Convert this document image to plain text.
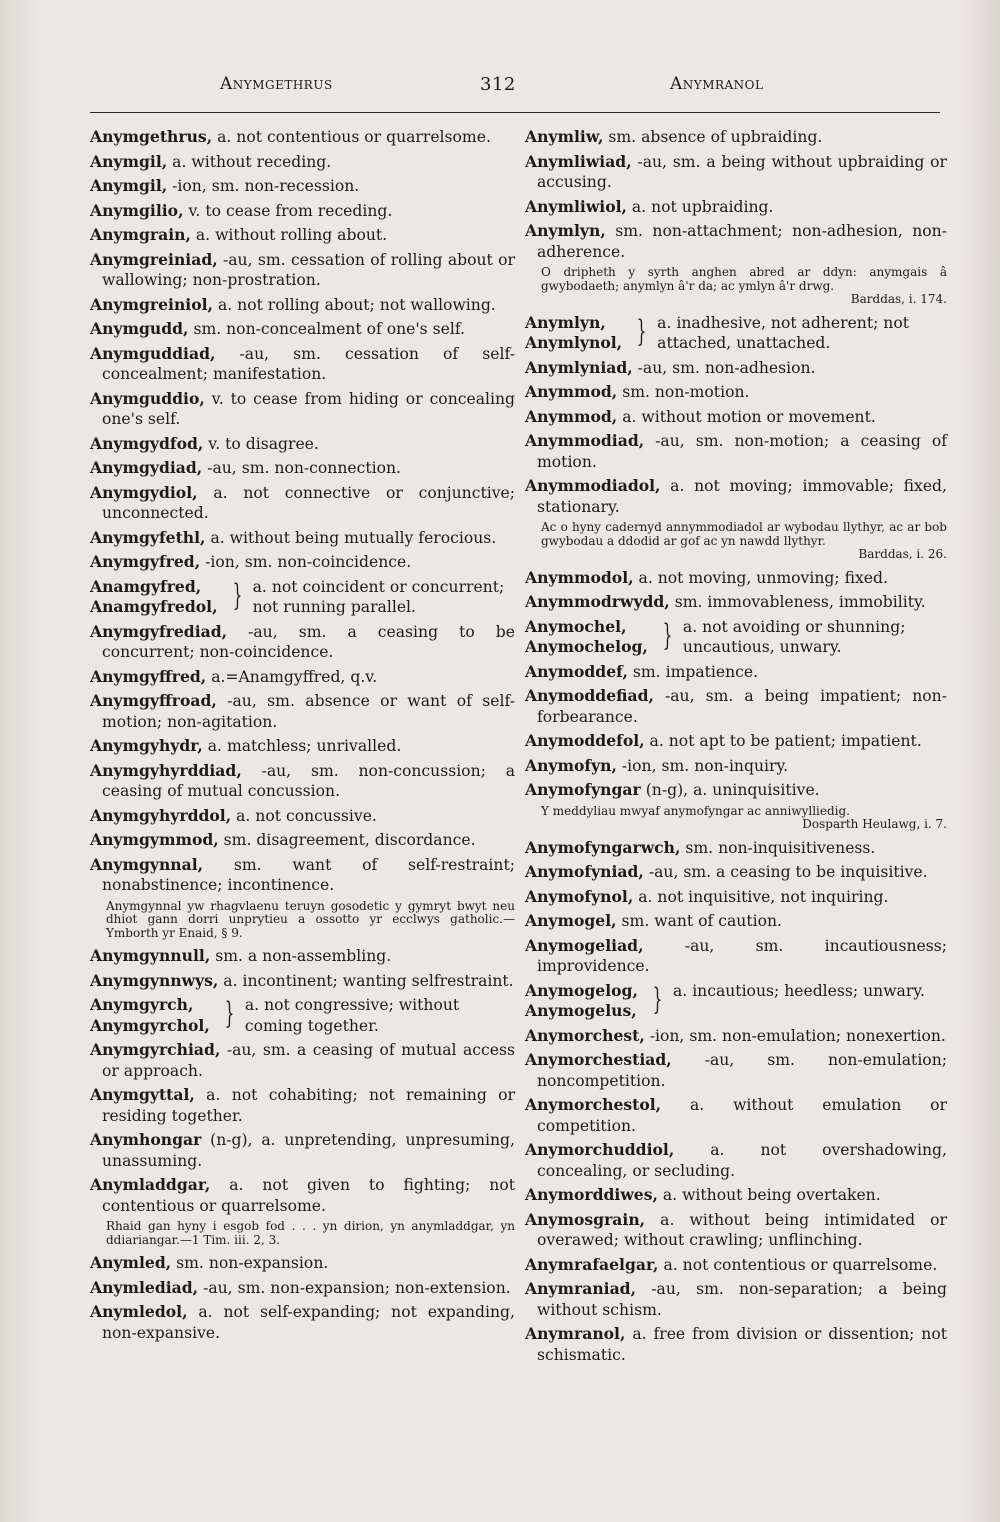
Anymgethrus	312	Anymranol
Anymgethrus, a. not contentious or quarrelsome.
Anymgil, a. without receding.
Anymgil, -ion, sm. non-recession.
Anymgilio, v. to cease from receding.
Anymgrain, a. without rolling about.
Anymgreiniad, -au, sm. cessation of rolling about or wallowing; non-prostration.
Anymgreiniol, a. not rolling about; not wallowing.
Anymgudd, sm. non-concealment of one's self.
Anymguddiad, -au, sm. cessation of self-concealment; manifestation.
Anymguddio, v. to cease from hiding or concealing one's self.
Anymgydfod, v. to disagree.
Anymgydiad, -au, sm. non-connection.
Anymgydiol, a. not connective or conjunctive; unconnected.
Anymgyfethl, a. without being mutually ferocious.
Anymgyfred, -ion, sm. non-coincidence.
Anamgyfred,
Anamgyfredol, } a. not coincident or concurrent; not running parallel.
Anymgyfrediad, -au, sm. a ceasing to be concurrent; non-coincidence.
Anymgyffred, a.=Anamgyffred, q.v.
Anymgyffroad, -au, sm. absence or want of self-motion; non-agitation.
Anymgyhydr, a. matchless; unrivalled.
Anymgyhyrddiad, -au, sm. non-concussion; a ceasing of mutual concussion.
Anymgyhyrddol, a. not concussive.
Anymgymmod, sm. disagreement, discordance.
Anymgynnal, sm. want of self-restraint; nonabstinence; incontinence.
Anymgynnal yw rhagvlaenu teruyn gosodetic y gymryt bwyt neu dhiot gann dorri unprytieu a ossotto yr ecclwys gatholic.—Ymborth yr Enaid, § 9.
Anymgynnull, sm. a non-assembling.
Anymgynnwys, a. incontinent; wanting selfrestraint.
Anymgyrch,
Anymgyrchol, } a. not congressive; without coming together.
Anymgyrchiad, -au, sm. a ceasing of mutual access or approach.
Anymgyttal, a. not cohabiting; not remaining or residing together.
Anymhongar (n-g), a. unpretending, unpresuming, unassuming.
Anymladdgar, a. not given to fighting; not contentious or quarrelsome.
Rhaid gan hyny i esgob fod . . . yn dirion, yn anymladdgar, yn ddiariangar.—1 Tim. iii. 2, 3.
Anymled, sm. non-expansion.
Anymlediad, -au, sm. non-expansion; non-extension.
Anymledol, a. not self-expanding; not expanding, non-expansive.
Anymliw, sm. absence of upbraiding.
Anymliwiad, -au, sm. a being without upbraiding or accusing.
Anymliwiol, a. not upbraiding.
Anymlyn, sm. non-attachment; non-adhesion, non-adherence.
O dripheth y syrth anghen abred ar ddyn: anymgais â gwybodaeth; anymlyn â'r da; ac ymlyn â'r drwg.
Barddas, i. 174.
Anymlyn,
Anymlynol, } a. inadhesive, not adherent; not attached, unattached.
Anymlyniad, -au, sm. non-adhesion.
Anymmod, sm. non-motion.
Anymmod, a. without motion or movement.
Anymmodiad, -au, sm. non-motion; a ceasing of motion.
Anymmodiadol, a. not moving; immovable; fixed, stationary.
Ac o hyny cadernyd annymmodiadol ar wybodau llythyr, ac ar bob gwybodau a ddodid ar gof ac yn nawdd llythyr.
Barddas, i. 26.
Anymmodol, a. not moving, unmoving; fixed.
Anymmodrwydd, sm. immovableness, immobility.
Anymochel,
Anymochelog, } a. not avoiding or shunning; uncautious, unwary.
Anymoddef, sm. impatience.
Anymoddefiad, -au, sm. a being impatient; non-forbearance.
Anymoddefol, a. not apt to be patient; impatient.
Anymofyn, -ion, sm. non-inquiry.
Anymofyngar (n-g), a. uninquisitive.
Y meddyliau mwyaf anymofyngar ac anniwylliedig.
Dosparth Heulawg, i. 7.
Anymofyngarwch, sm. non-inquisitiveness.
Anymofyniad, -au, sm. a ceasing to be inquisitive.
Anymofynol, a. not inquisitive, not inquiring.
Anymogel, sm. want of caution.
Anymogeliad, -au, sm. incautiousness; improvidence.
Anymogelog,
Anymogelus, } a. incautious; heedless; unwary.
Anymorchest, -ion, sm. non-emulation; nonexertion.
Anymorchestiad, -au, sm. non-emulation; noncompetition.
Anymorchestol, a. without emulation or competition.
Anymorchuddiol, a. not overshadowing, concealing, or secluding.
Anymorddiwes, a. without being overtaken.
Anymosgrain, a. without being intimidated or overawed; without crawling; unflinching.
Anymrafaelgar, a. not contentious or quarrelsome.
Anymraniad, -au, sm. non-separation; a being without schism.
Anymranol, a. free from division or dissention; not schismatic.
